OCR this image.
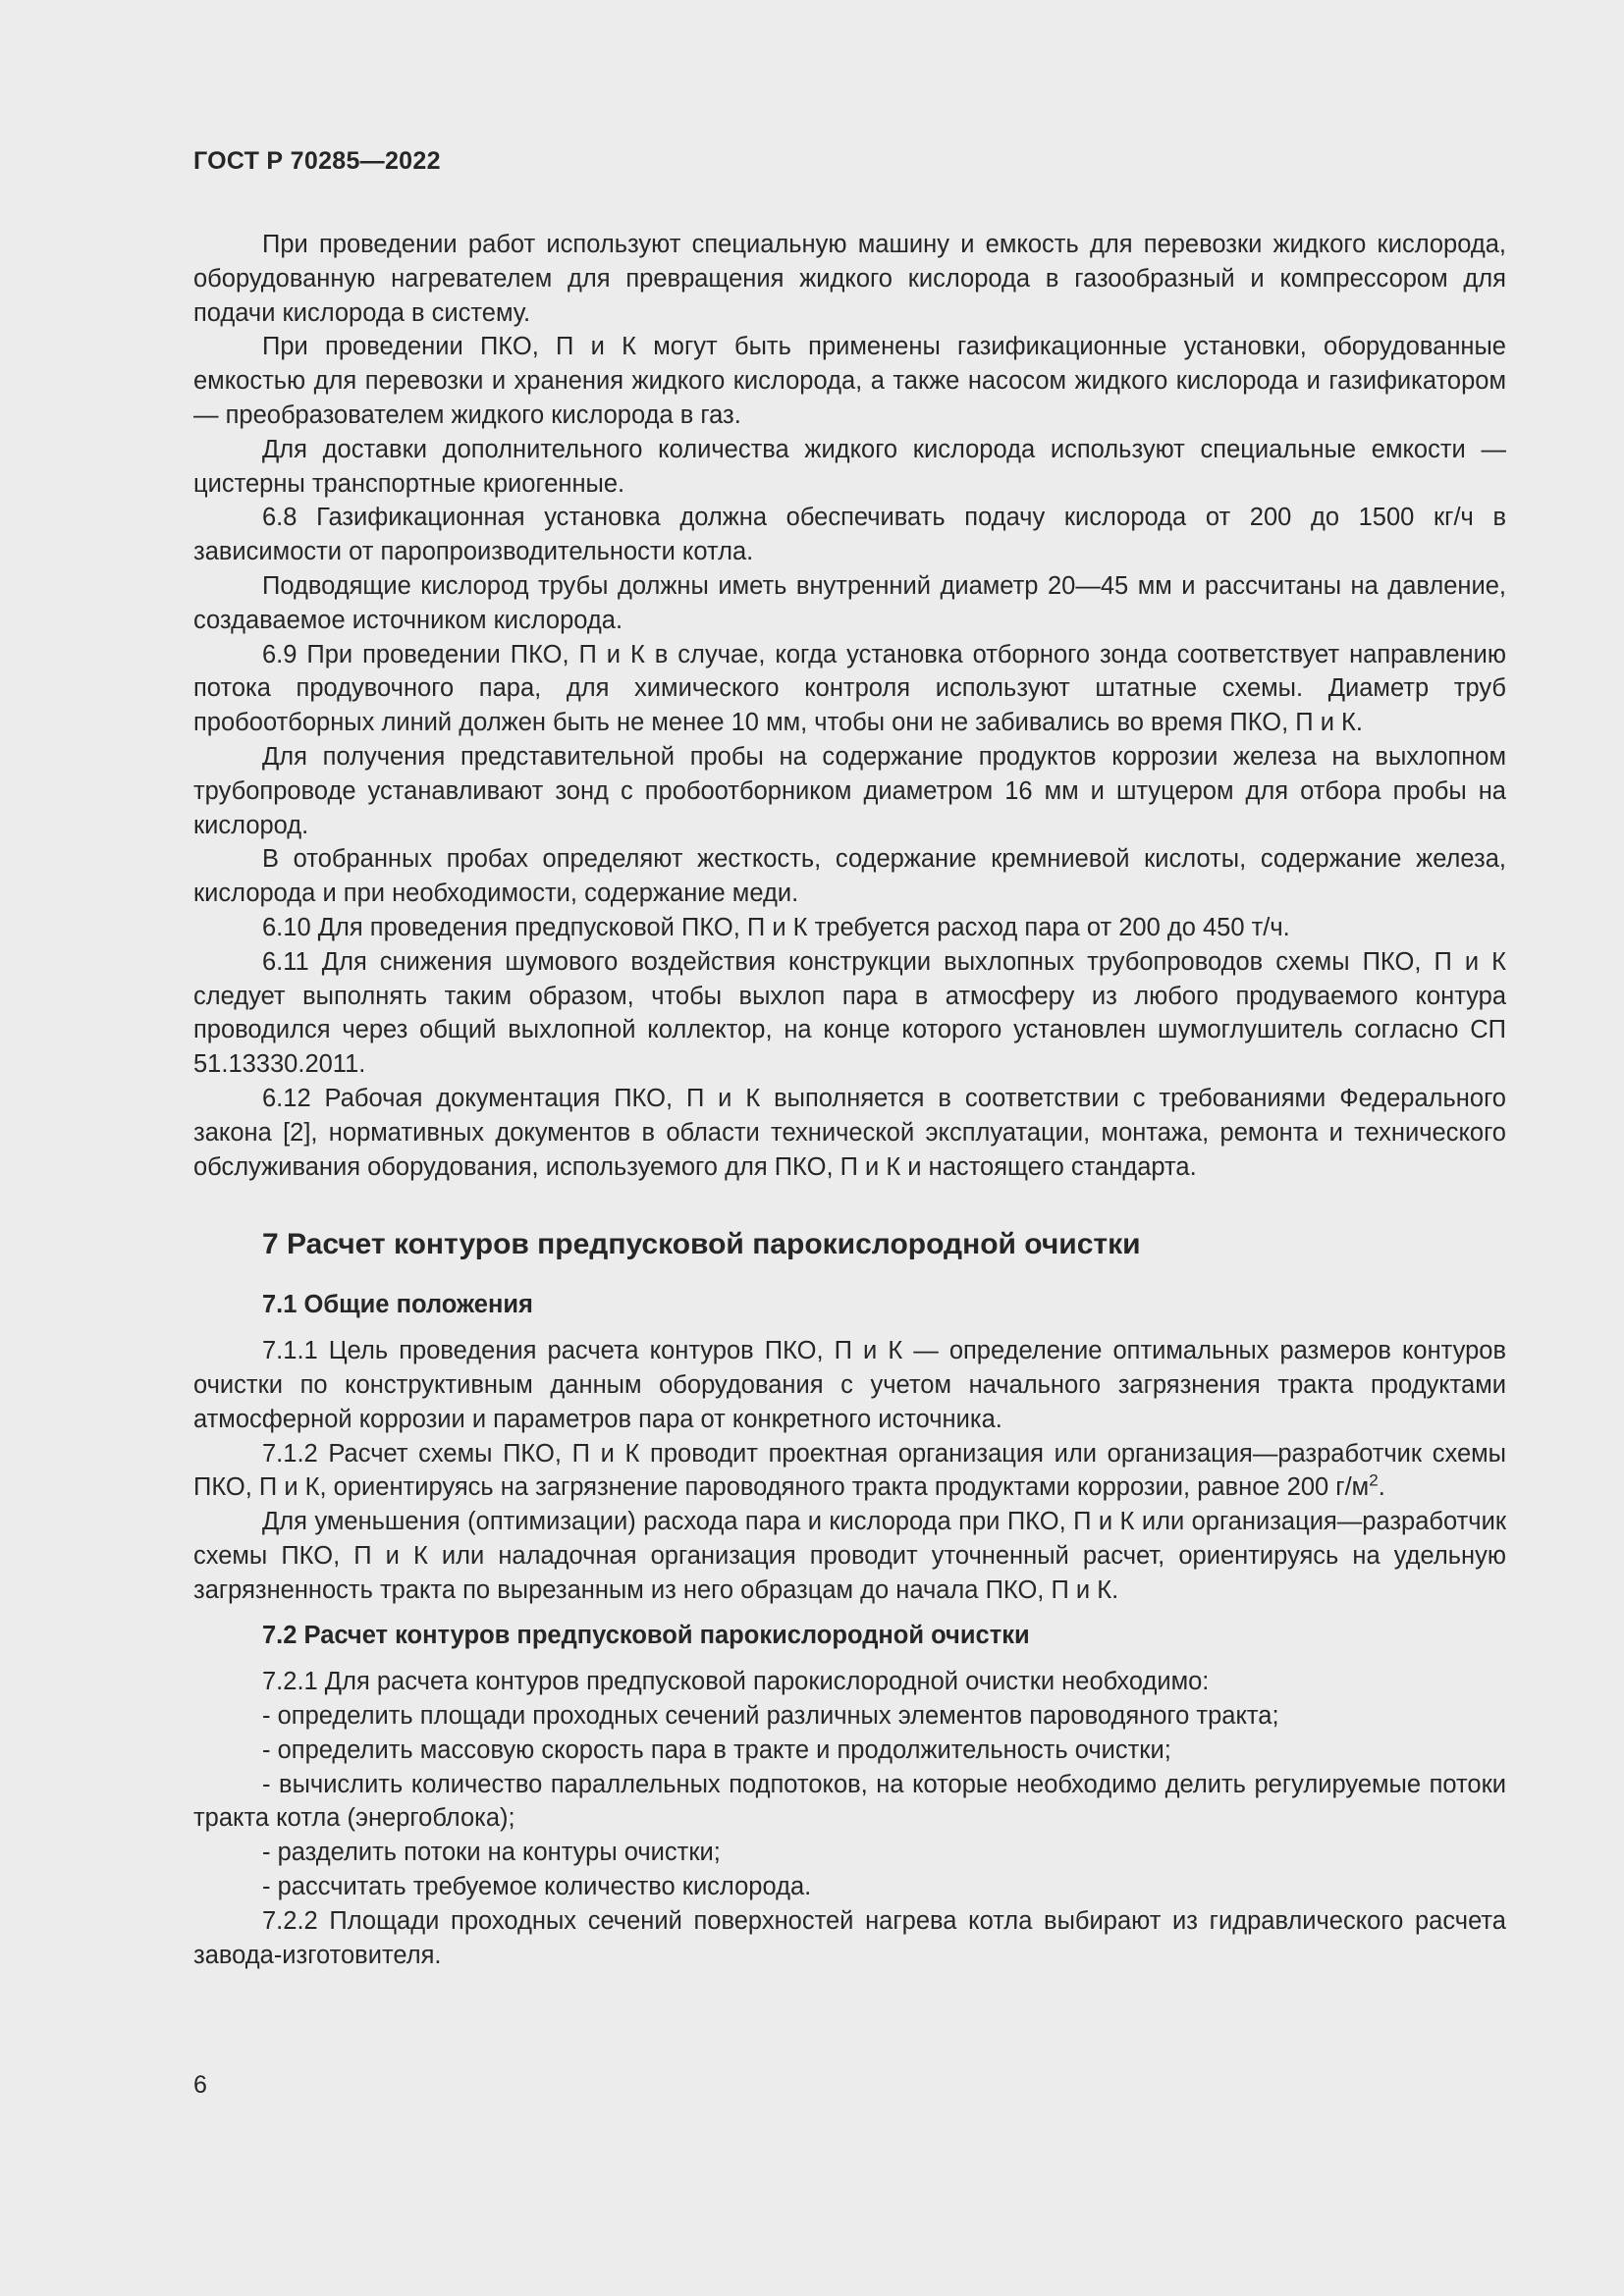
ГОСТ Р 70285—2022

При проведении работ используют специальную машину и емкость для перевозки жидкого кислорода, оборудованную нагревателем для превращения жидкого кислорода в газообразный и компрессором для подачи кислорода в систему.

При проведении ПКО, П и К могут быть применены газификационные установки, оборудованные емкостью для перевозки и хранения жидкого кислорода, а также насосом жидкого кислорода и газификатором — преобразователем жидкого кислорода в газ.

Для доставки дополнительного количества жидкого кислорода используют специальные емкости — цистерны транспортные криогенные.

6.8 Газификационная установка должна обеспечивать подачу кислорода от 200 до 1500 кг/ч в зависимости от паропроизводительности котла.

Подводящие кислород трубы должны иметь внутренний диаметр 20—45 мм и рассчитаны на давление, создаваемое источником кислорода.

6.9 При проведении ПКО, П и К в случае, когда установка отборного зонда соответствует направлению потока продувочного пара, для химического контроля используют штатные схемы. Диаметр труб пробоотборных линий должен быть не менее 10 мм, чтобы они не забивались во время ПКО, П и К.

Для получения представительной пробы на содержание продуктов коррозии железа на выхлопном трубопроводе устанавливают зонд с пробоотборником диаметром 16 мм и штуцером для отбора пробы на кислород.

В отобранных пробах определяют жесткость, содержание кремниевой кислоты, содержание железа, кислорода и при необходимости, содержание меди.

6.10 Для проведения предпусковой ПКО, П и К требуется расход пара от 200 до 450 т/ч.

6.11 Для снижения шумового воздействия конструкции выхлопных трубопроводов схемы ПКО, П и К следует выполнять таким образом, чтобы выхлоп пара в атмосферу из любого продуваемого контура проводился через общий выхлопной коллектор, на конце которого установлен шумоглушитель согласно СП 51.13330.2011.

6.12 Рабочая документация ПКО, П и К выполняется в соответствии с требованиями Федерального закона [2], нормативных документов в области технической эксплуатации, монтажа, ремонта и технического обслуживания оборудования, используемого для ПКО, П и К и настоящего стандарта.

7 Расчет контуров предпусковой парокислородной очистки

7.1 Общие положения

7.1.1 Цель проведения расчета контуров ПКО, П и К — определение оптимальных размеров контуров очистки по конструктивным данным оборудования с учетом начального загрязнения тракта продуктами атмосферной коррозии и параметров пара от конкретного источника.

7.1.2 Расчет схемы ПКО, П и К проводит проектная организация или организация—разработчик схемы ПКО, П и К, ориентируясь на загрязнение пароводяного тракта продуктами коррозии, равное 200 $г/м^2$.

Для уменьшения (оптимизации) расхода пара и кислорода при ПКО, П и К или организация—разработчик схемы ПКО, П и К или наладочная организация проводит уточненный расчет, ориентируясь на удельную загрязненность тракта по вырезанным из него образцам до начала ПКО, П и К.

7.2 Расчет контуров предпусковой парокислородной очистки

7.2.1 Для расчета контуров предпусковой парокислородной очистки необходимо:

- определить площади проходных сечений различных элементов пароводяного тракта;

- определить массовую скорость пара в тракте и продолжительность очистки;

- вычислить количество параллельных подпотоков, на которые необходимо делить регулируемые потоки тракта котла (энергоблока);

- разделить потоки на контуры очистки;

- рассчитать требуемое количество кислорода.

7.2.2 Площади проходных сечений поверхностей нагрева котла выбирают из гидравлического расчета завода-изготовителя.

6
